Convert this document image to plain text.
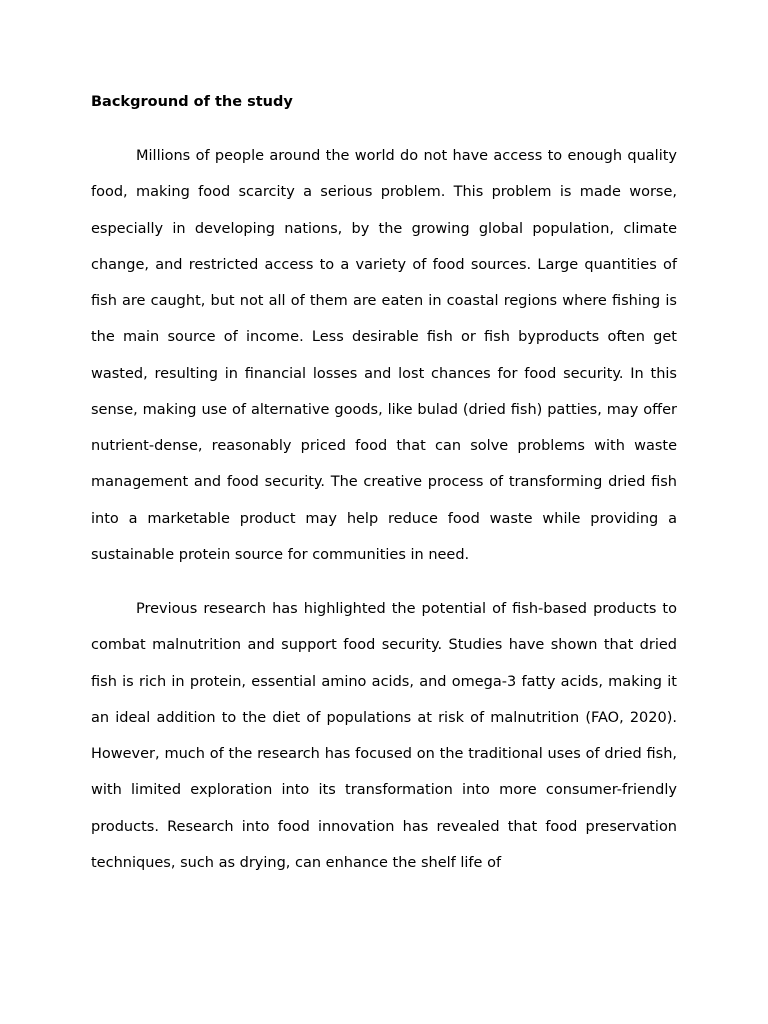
Background of the study

Millions of people around the world do not have access to enough quality food, making food scarcity a serious problem. This problem is made worse, especially in developing nations, by the growing global population, climate change, and restricted access to a variety of food sources. Large quantities of fish are caught, but not all of them are eaten in coastal regions where fishing is the main source of income. Less desirable fish or fish byproducts often get wasted, resulting in financial losses and lost chances for food security. In this sense, making use of alternative goods, like bulad (dried fish) patties, may offer nutrient-dense, reasonably priced food that can solve problems with waste management and food security. The creative process of transforming dried fish into a marketable product may help reduce food waste while providing a sustainable protein source for communities in need.

Previous research has highlighted the potential of fish-based products to combat malnutrition and support food security. Studies have shown that dried fish is rich in protein, essential amino acids, and omega-3 fatty acids, making it an ideal addition to the diet of populations at risk of malnutrition (FAO, 2020). However, much of the research has focused on the traditional uses of dried fish, with limited exploration into its transformation into more consumer-friendly products. Research into food innovation has revealed that food preservation techniques, such as drying, can enhance the shelf life of
